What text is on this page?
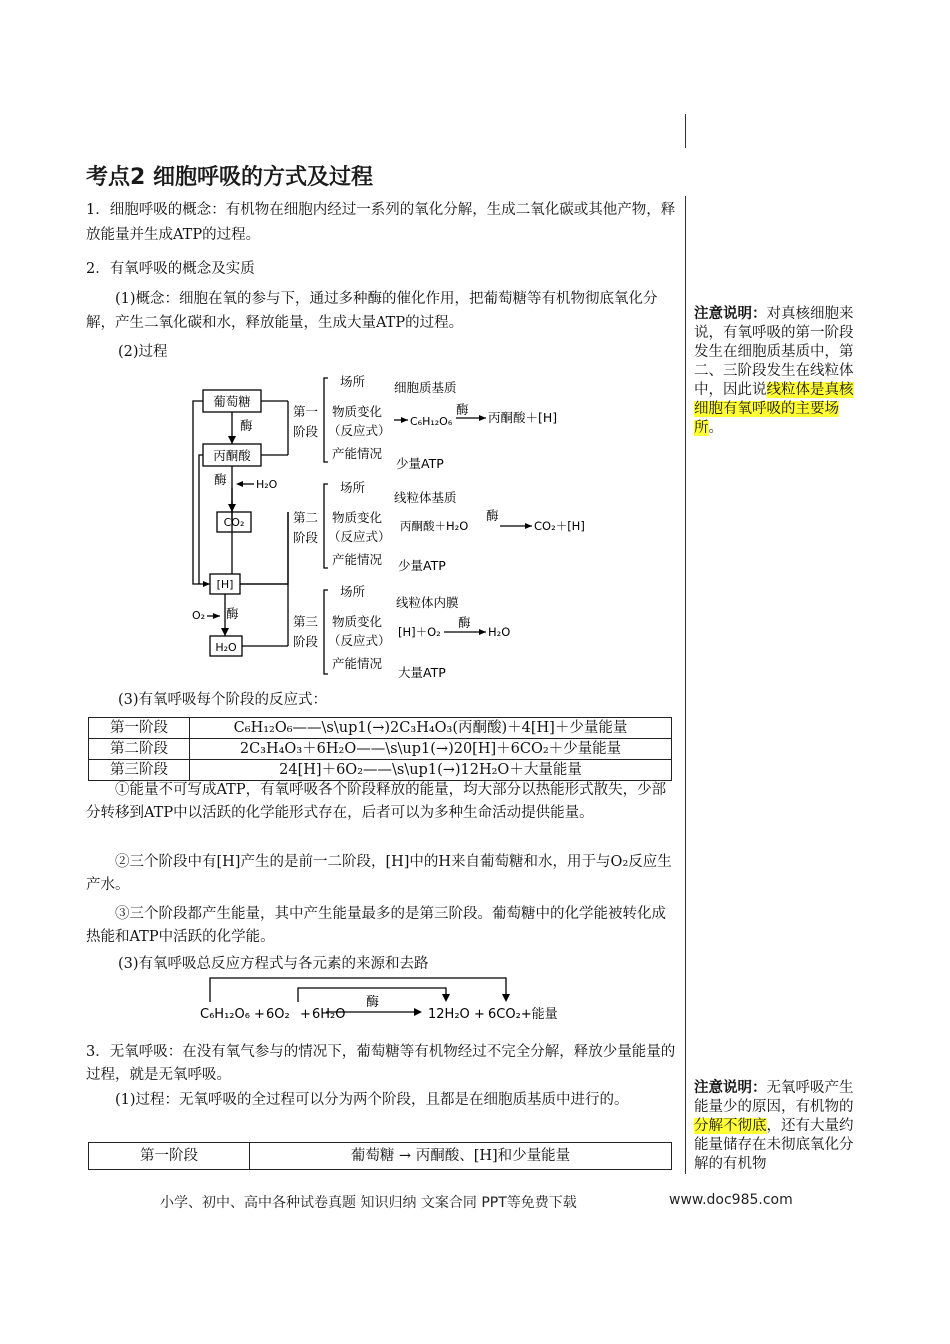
考点2 细胞呼吸的方式及过程
1．细胞呼吸的概念：有机物在细胞内经过一系列的氧化分解，生成二氧化碳或其他产物，释放能量并生成ATP的过程。
2．有氧呼吸的概念及实质
(1)概念：细胞在氧的参与下，通过多种酶的催化作用，把葡萄糖等有机物彻底氧化分解，产生二氧化碳和水，释放能量，生成大量ATP的过程。
(2)过程
葡萄糖
酶
丙酮酸
酶	H₂O
CO₂
[H]
O₂ 酶
H₂O
第一
阶段
第二
阶段
第三
阶段
场所
物质变化
（反应式）
产能情况
细胞质基质
C₆H₁₂O₆
酶
丙酮酸＋[H]
少量ATP
场所
物质变化
（反应式）
产能情况
线粒体基质
丙酮酸＋H₂O
酶
CO₂＋[H]
少量ATP
场所
物质变化
（反应式）
产能情况
线粒体内膜
[H]＋O₂
酶
H₂O
大量ATP
(3)有氧呼吸每个阶段的反应式：
第一阶段	C₆H₁₂O₆——\s\up1(→)2C₃H₄O₃(丙酮酸)＋4[H]＋少量能量
第二阶段	2C₃H₄O₃＋6H₂O——\s\up1(→)20[H]＋6CO₂＋少量能量
第三阶段	24[H]＋6O₂——\s\up1(→)12H₂O＋大量能量
①能量不可写成ATP，有氧呼吸各个阶段释放的能量，均大部分以热能形式散失，少部分转移到ATP中以活跃的化学能形式存在，后者可以为多种生命活动提供能量。
②三个阶段中有[H]产生的是前一二阶段，[H]中的H来自葡萄糖和水，用于与O₂反应生产水。
③三个阶段都产生能量，其中产生能量最多的是第三阶段。葡萄糖中的化学能被转化成热能和ATP中活跃的化学能。
(3)有氧呼吸总反应方程式与各元素的来源和去路
C₆H₁₂O₆ + 6O₂ + 6H₂O
酶
12H₂O + 6CO₂+能量
3．无氧呼吸：在没有氧气参与的情况下，葡萄糖等有机物经过不完全分解，释放少量能量的过程，就是无氧呼吸。
(1)过程：无氧呼吸的全过程可以分为两个阶段，且都是在细胞质基质中进行的。
第一阶段	葡萄糖 → 丙酮酸、[H]和少量能量
注意说明：对真核细胞来说，有氧呼吸的第一阶段发生在细胞质基质中，第二、三阶段发生在线粒体中，因此说线粒体是真核细胞有氧呼吸的主要场所。
注意说明：无氧呼吸产生能量少的原因，有机物的分解不彻底，还有大量约能量储存在未彻底氧化分解的有机物
小学、初中、高中各种试卷真题 知识归纳 文案合同 PPT等免费下载	www.doc985.com
